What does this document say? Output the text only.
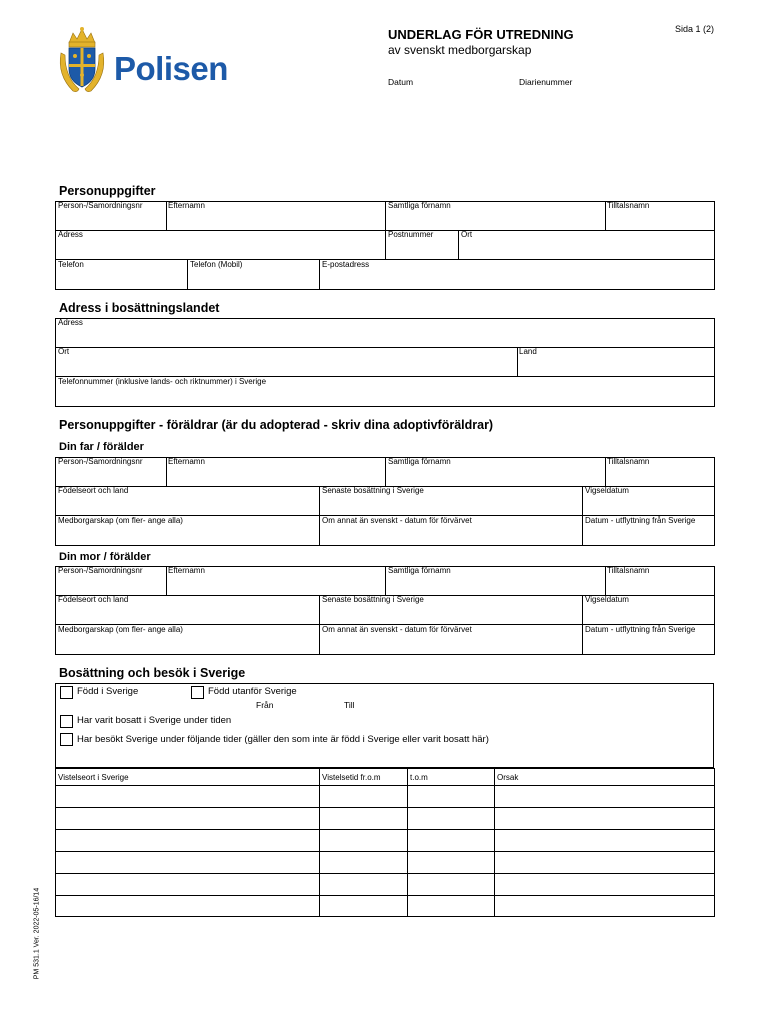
Polisen
UNDERLAG FÖR UTREDNING
av svenskt medborgarskap
Sida 1 (2)
Datum	Diarienummer
Personuppgifter
Person-/Samordningsnr	Efternamn	Samtliga förnamn	Tilltalsnamn
Adress	Postnummer	Ort
Telefon	Telefon (Mobil)	E-postadress
Adress i bosättningslandet
Adress
Ort	Land
Telefonnummer (inklusive lands- och riktnummer) i Sverige
Personuppgifter - föräldrar (är du adopterad - skriv dina adoptivföräldrar)
Din far / förälder
Person-/Samordningsnr	Efternamn	Samtliga förnamn	Tilltalsnamn
Födelseort och land	Senaste bosättning i Sverige	Vigseldatum
Medborgarskap (om fler- ange alla)	Om annat än svenskt - datum för förvärvet	Datum - utflyttning från Sverige
Din mor / förälder
Person-/Samordningsnr	Efternamn	Samtliga förnamn	Tilltalsnamn
Födelseort och land	Senaste bosättning i Sverige	Vigseldatum
Medborgarskap (om fler- ange alla)	Om annat än svenskt - datum för förvärvet	Datum - utflyttning från Sverige
Bosättning och besök i Sverige
Född i Sverige	Född utanför Sverige
Från	Till
Har varit bosatt i Sverige under tiden
Har besökt Sverige under följande tider (gäller den som inte är född i Sverige eller varit bosatt här)
Vistelseort i Sverige	Vistelsetid fr.o.m	t.o.m	Orsak
PM 531.1 Ver. 2022-05-16/14
